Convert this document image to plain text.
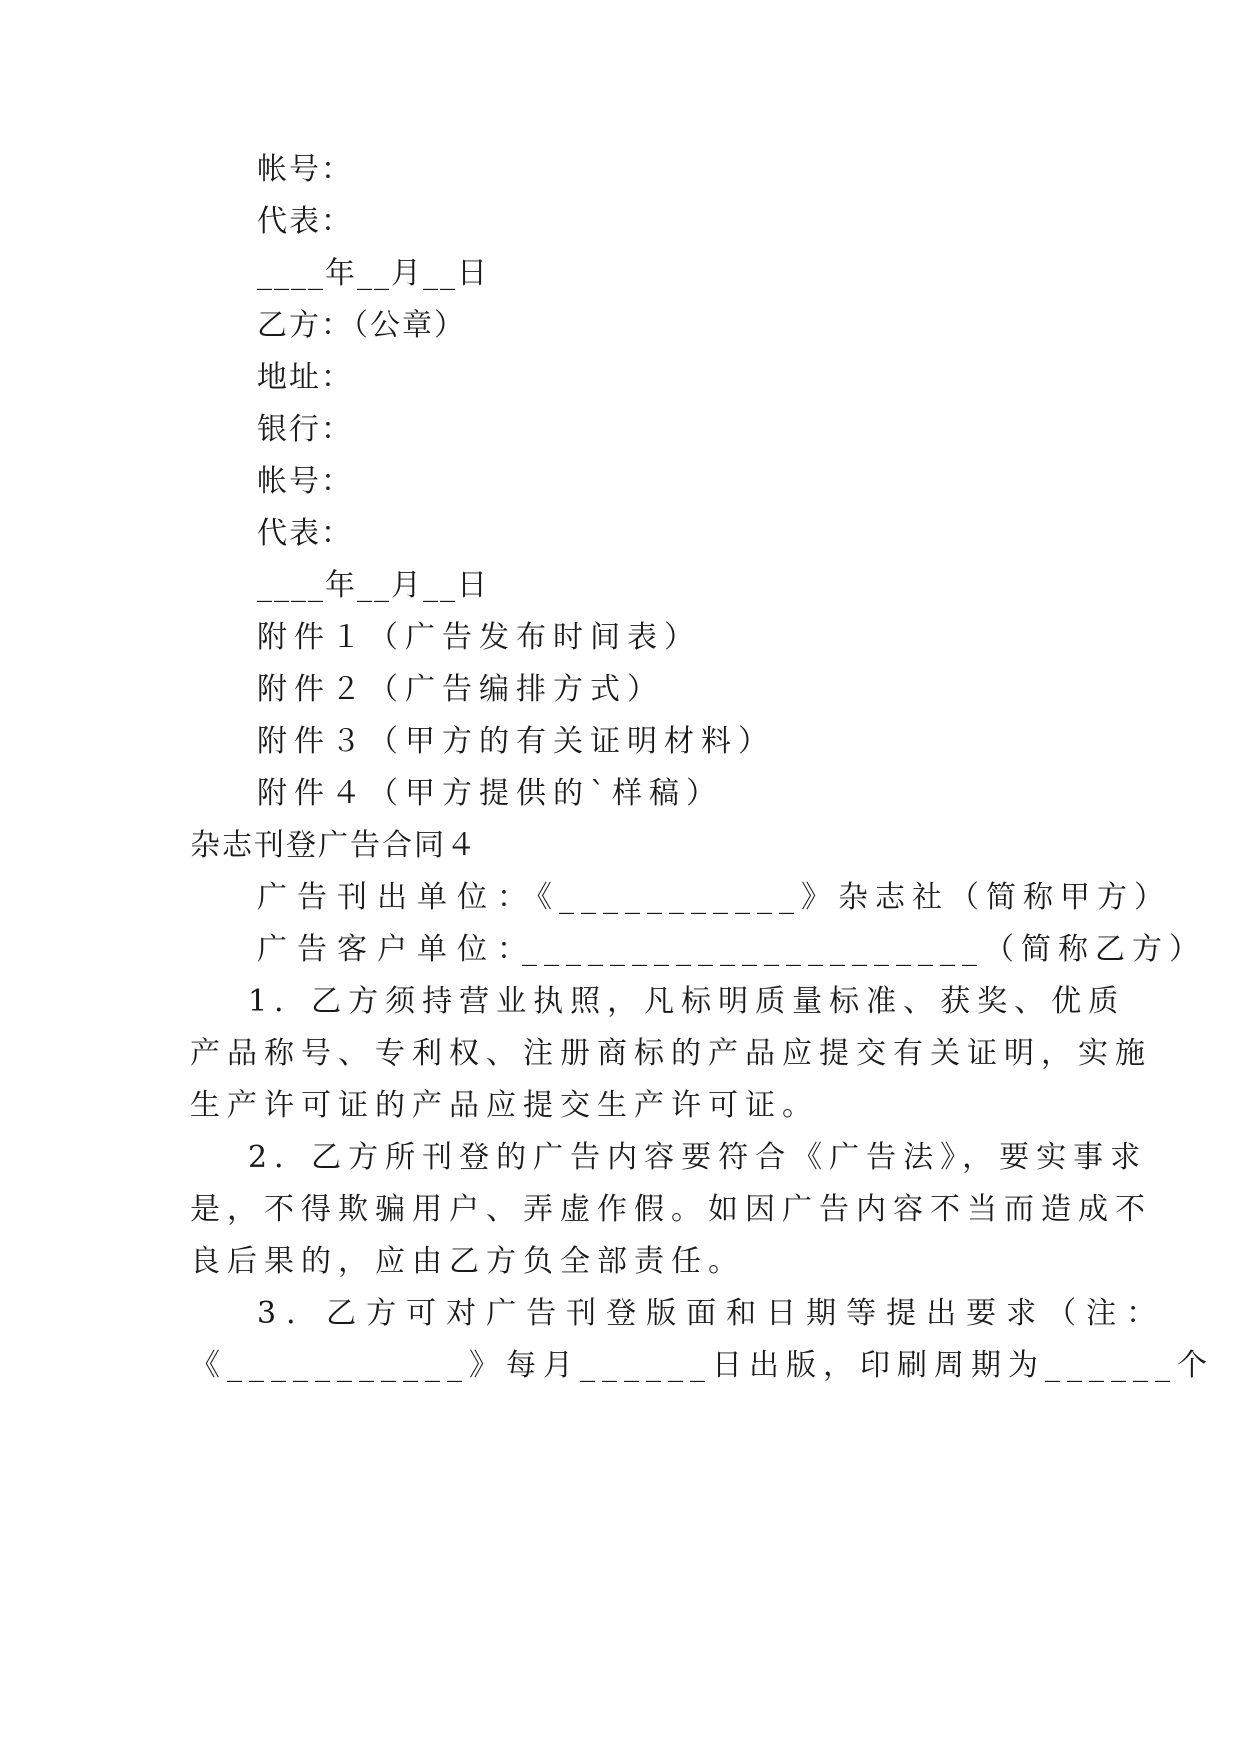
帐号：
代表：
____年__月__日
乙方：（公章）
地址：
银行：
帐号：
代表：
____年__月__日
附件１（广告发布时间表）
附件２（广告编排方式）
附件３（甲方的有关证明材料）
附件４（甲方提供的`样稿）
杂志刊登广告合同４
广告刊出单位：
《___________》杂志社（简称甲方）
广告客户单位：
_____________________（简称乙方）
1．乙方须持营业执照，凡标明质量标准、获奖、优质
产品称号、专利权、注册商标的产品应提交有关证明，实施
生产许可证的产品应提交生产许可证。
2．乙方所刊登的广告内容要符合《广告法》，要实事求
是，不得欺骗用户、弄虚作假。如因广告内容不当而造成不
良后果的，应由乙方负全部责任。
3．乙方可对广告刊登版面和日期等提出要求（注：
《___________》每月______日出版，印刷周期为______个
